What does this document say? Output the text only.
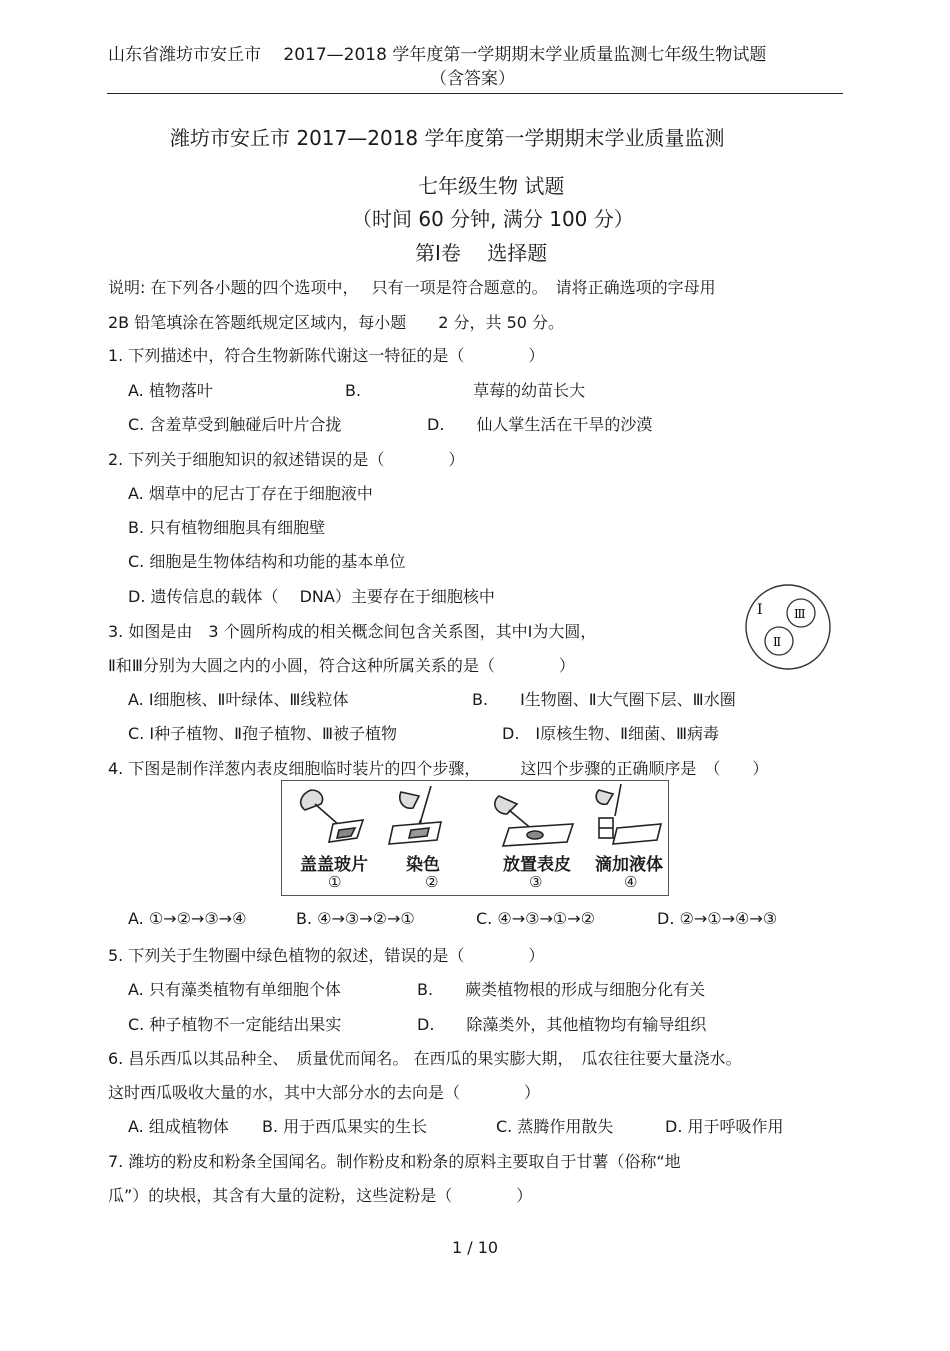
山东省潍坊市安丘市　 2017—2018 学年度第一学期期末学业质量监测七年级生物试题
（含答案）
潍坊市安丘市 2017—2018 学年度第一学期期末学业质量监测
七年级生物 试题
（时间 60 分钟, 满分 100 分）
第Ⅰ卷　 选择题
说明: 在下列各小题的四个选项中，　 只有一项是符合题意的。　请将正确选项的字母用
2B 铅笔填涂在答题纸规定区域内，每小题　　2 分，共 50 分。
1. 下列描述中，符合生物新陈代谢这一特征的是（　　　　）
A. 植物落叶	B.　　　　　　　草莓的幼苗长大
C. 含羞草受到触碰后叶片合拢	D.　　仙人掌生活在干旱的沙漠
2. 下列关于细胞知识的叙述错误的是（　　　　）
A. 烟草中的尼古丁存在于细胞液中
B. 只有植物细胞具有细胞壁
C. 细胞是生物体结构和功能的基本单位
D. 遗传信息的载体（　 DNA）主要存在于细胞核中
3. 如图是由　3 个圆所构成的相关概念间包含关系图，其中Ⅰ为大圆，
Ⅱ和Ⅲ分别为大圆之内的小圆，符合这种所属关系的是（　　　　）
Ⅰ	Ⅲ
Ⅱ
A. Ⅰ细胞核、Ⅱ叶绿体、Ⅲ线粒体	B.　　Ⅰ生物圈、Ⅱ大气圈下层、Ⅲ水圈
C. Ⅰ种子植物、Ⅱ孢子植物、Ⅲ被子植物	D.　Ⅰ原核生物、Ⅱ细菌、Ⅲ病毒
4. 下图是制作洋葱内表皮细胞临时装片的四个步骤，　　　这四个步骤的正确顺序是　（　　）
盖盖玻片 染色	放置表皮 滴加液体
①	②	③	④
A. ①→②→③→④	B. ④→③→②→①	C. ④→③→①→②	D. ②→①→④→③
5. 下列关于生物圈中绿色植物的叙述，错误的是（　　　　）
A. 只有藻类植物有单细胞个体	B.　　蕨类植物根的形成与细胞分化有关
C. 种子植物不一定能结出果实	D.　　除藻类外，其他植物均有输导组织
6. 昌乐西瓜以其品种全、　质量优而闻名。 在西瓜的果实膨大期，　瓜农往往要大量浇水。
这时西瓜吸收大量的水，其中大部分水的去向是（　　　　）
A. 组成植物体 B. 用于西瓜果实的生长	C. 蒸腾作用散失	D. 用于呼吸作用
7. 潍坊的粉皮和粉条全国闻名。制作粉皮和粉条的原料主要取自于甘薯（俗称“地
瓜”）的块根，其含有大量的淀粉，这些淀粉是（　　　　）
1 / 10
